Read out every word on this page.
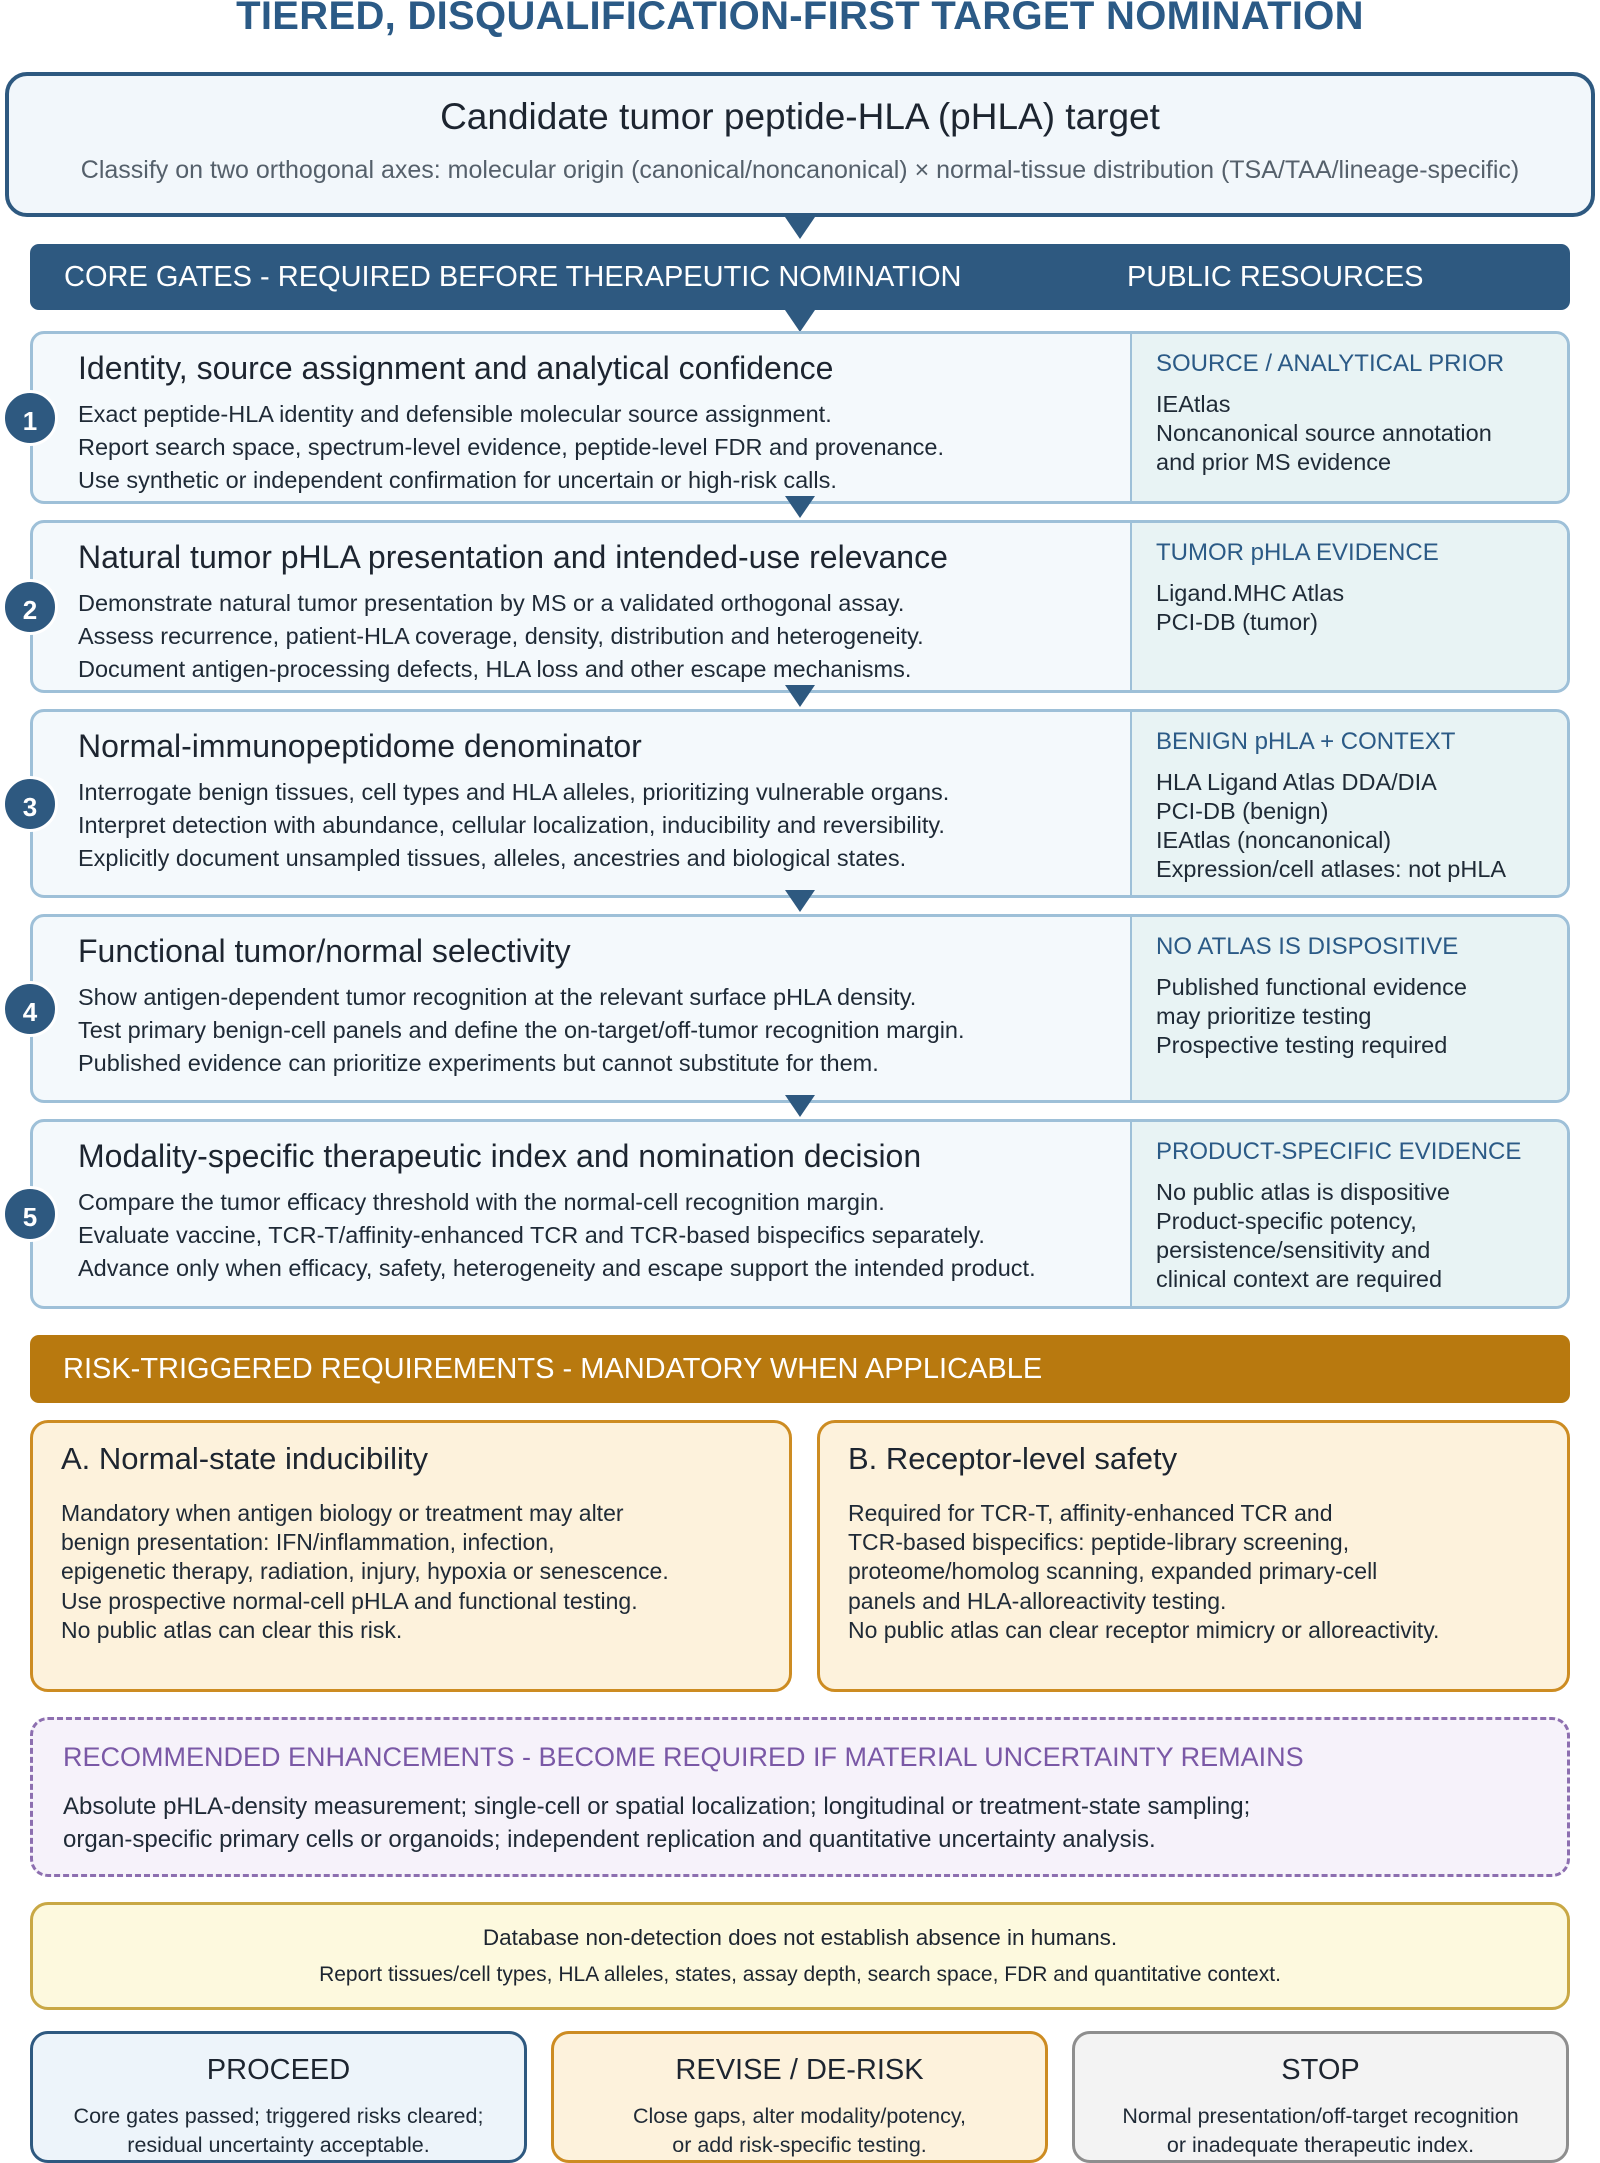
TIERED, DISQUALIFICATION-FIRST TARGET NOMINATION
Candidate tumor peptide-HLA (pHLA) target
Classify on two orthogonal axes: molecular origin (canonical/noncanonical) × normal-tissue distribution (TSA/TAA/lineage-specific)
CORE GATES - REQUIRED BEFORE THERAPEUTIC NOMINATION	PUBLIC RESOURCES
Identity, source assignment and analytical confidence
Exact peptide-HLA identity and defensible molecular source assignment.
Report search space, spectrum-level evidence, peptide-level FDR and provenance.
Use synthetic or independent confirmation for uncertain or high-risk calls.
SOURCE / ANALYTICAL PRIOR
IEAtlas
Noncanonical source annotation
and prior MS evidence
1
Natural tumor pHLA presentation and intended-use relevance
Demonstrate natural tumor presentation by MS or a validated orthogonal assay.
Assess recurrence, patient-HLA coverage, density, distribution and heterogeneity.
Document antigen-processing defects, HLA loss and other escape mechanisms.
TUMOR pHLA EVIDENCE
Ligand.MHC Atlas
PCI-DB (tumor)
2
Normal-immunopeptidome denominator
Interrogate benign tissues, cell types and HLA alleles, prioritizing vulnerable organs.
Interpret detection with abundance, cellular localization, inducibility and reversibility.
Explicitly document unsampled tissues, alleles, ancestries and biological states.
BENIGN pHLA + CONTEXT
HLA Ligand Atlas DDA/DIA
PCI-DB (benign)
IEAtlas (noncanonical)
Expression/cell atlases: not pHLA
3
Functional tumor/normal selectivity
Show antigen-dependent tumor recognition at the relevant surface pHLA density.
Test primary benign-cell panels and define the on-target/off-tumor recognition margin.
Published evidence can prioritize experiments but cannot substitute for them.
NO ATLAS IS DISPOSITIVE
Published functional evidence
may prioritize testing
Prospective testing required
4
Modality-specific therapeutic index and nomination decision
Compare the tumor efficacy threshold with the normal-cell recognition margin.
Evaluate vaccine, TCR-T/affinity-enhanced TCR and TCR-based bispecifics separately.
Advance only when efficacy, safety, heterogeneity and escape support the intended product.
PRODUCT-SPECIFIC EVIDENCE
No public atlas is dispositive
Product-specific potency,
persistence/sensitivity and
clinical context are required
5
RISK-TRIGGERED REQUIREMENTS - MANDATORY WHEN APPLICABLE
A. Normal-state inducibility
Mandatory when antigen biology or treatment may alter
benign presentation: IFN/inflammation, infection,
epigenetic therapy, radiation, injury, hypoxia or senescence.
Use prospective normal-cell pHLA and functional testing.
No public atlas can clear this risk.
B. Receptor-level safety
Required for TCR-T, affinity-enhanced TCR and
TCR-based bispecifics: peptide-library screening,
proteome/homolog scanning, expanded primary-cell
panels and HLA-alloreactivity testing.
No public atlas can clear receptor mimicry or alloreactivity.
RECOMMENDED ENHANCEMENTS - BECOME REQUIRED IF MATERIAL UNCERTAINTY REMAINS
Absolute pHLA-density measurement; single-cell or spatial localization; longitudinal or treatment-state sampling;
organ-specific primary cells or organoids; independent replication and quantitative uncertainty analysis.
Database non-detection does not establish absence in humans.
Report tissues/cell types, HLA alleles, states, assay depth, search space, FDR and quantitative context.
PROCEED
Core gates passed; triggered risks cleared;
residual uncertainty acceptable.
REVISE / DE-RISK
Close gaps, alter modality/potency,
or add risk-specific testing.
STOP
Normal presentation/off-target recognition
or inadequate therapeutic index.
